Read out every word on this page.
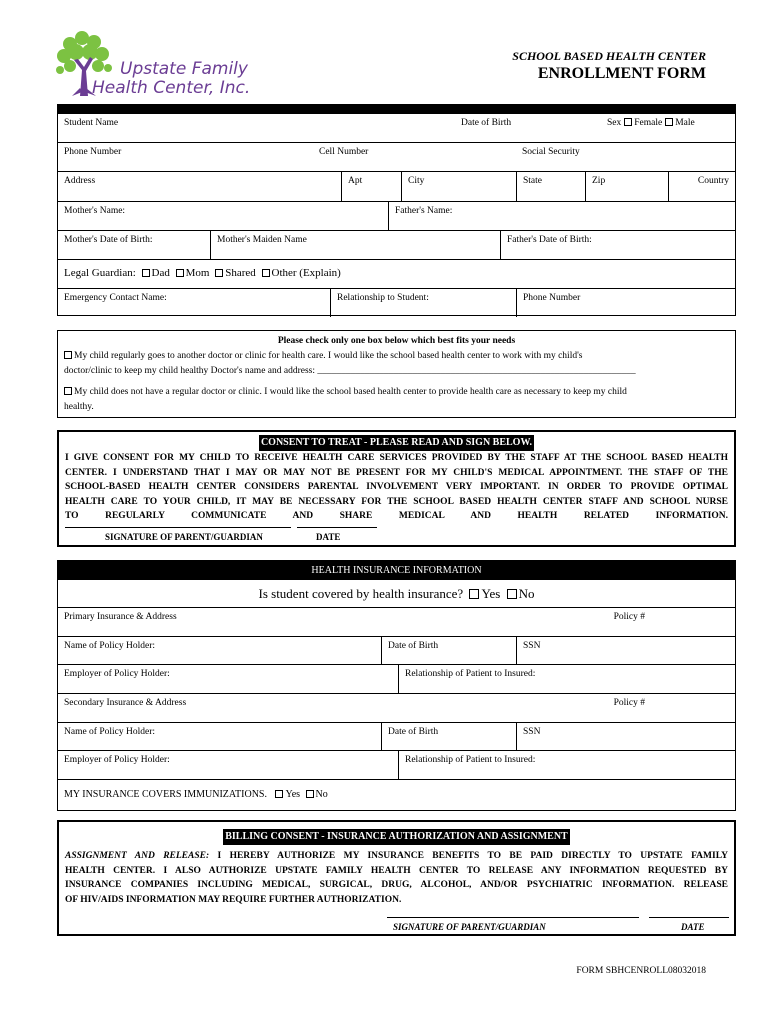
Upstate Family
Health Center, Inc.
SCHOOL BASED HEALTH CENTER
ENROLLMENT FORM
Student Name	Date of Birth	Sex Female Male
Phone Number	Cell Number	Social Security
Address	Apt	City	State	Zip	Country
Mother's Name:	Father's Name:
Mother's Date of Birth:	Mother's Maiden Name	Father's Date of Birth:
Legal Guardian: Dad Mom Shared Other (Explain)
Emergency Contact Name:	Relationship to Student:	Phone Number
Please check only one box below which best fits your needs
My child regularly goes to another doctor or clinic for health care. I would like the school based health center to work with my child's
doctor/clinic to keep my child healthy Doctor's name and address: ___________________________________________________________________
My child does not have a regular doctor or clinic. I would like the school based health center to provide health care as necessary to keep my child
healthy.
CONSENT TO TREAT - PLEASE READ AND SIGN BELOW.
I GIVE CONSENT FOR MY CHILD TO RECEIVE HEALTH CARE SERVICES PROVIDED BY THE STAFF AT THE SCHOOL BASED HEALTH
CENTER. I UNDERSTAND THAT I MAY OR MAY NOT BE PRESENT FOR MY CHILD'S MEDICAL APPOINTMENT. THE STAFF OF THE
SCHOOL-BASED HEALTH CENTER CONSIDERS PARENTAL INVOLVEMENT VERY IMPORTANT. IN ORDER TO PROVIDE OPTIMAL
HEALTH CARE TO YOUR CHILD, IT MAY BE NECESSARY FOR THE SCHOOL BASED HEALTH CENTER STAFF AND SCHOOL NURSE
TO REGULARLY COMMUNICATE AND SHARE MEDICAL AND HEALTH RELATED INFORMATION.
SIGNATURE OF PARENT/GUARDIAN	DATE
HEALTH INSURANCE INFORMATION
Is student covered by health insurance? Yes No
Primary Insurance & Address	Policy #
Name of Policy Holder:	Date of Birth	SSN
Employer of Policy Holder:	Relationship of Patient to Insured:
Secondary Insurance & Address	Policy #
Name of Policy Holder:	Date of Birth	SSN
Employer of Policy Holder:	Relationship of Patient to Insured:
MY INSURANCE COVERS IMMUNIZATIONS. Yes No
BILLING CONSENT - INSURANCE AUTHORIZATION AND ASSIGNMENT
ASSIGNMENT AND RELEASE: I HEREBY AUTHORIZE MY INSURANCE BENEFITS TO BE PAID DIRECTLY TO UPSTATE FAMILY
HEALTH CENTER. I ALSO AUTHORIZE UPSTATE FAMILY HEALTH CENTER TO RELEASE ANY INFORMATION REQUESTED BY
INSURANCE COMPANIES INCLUDING MEDICAL, SURGICAL, DRUG, ALCOHOL, AND/OR PSYCHIATRIC INFORMATION. RELEASE
OF HIV/AIDS INFORMATION MAY REQUIRE FURTHER AUTHORIZATION.
SIGNATURE OF PARENT/GUARDIAN	DATE
FORM SBHCENROLL08032018
